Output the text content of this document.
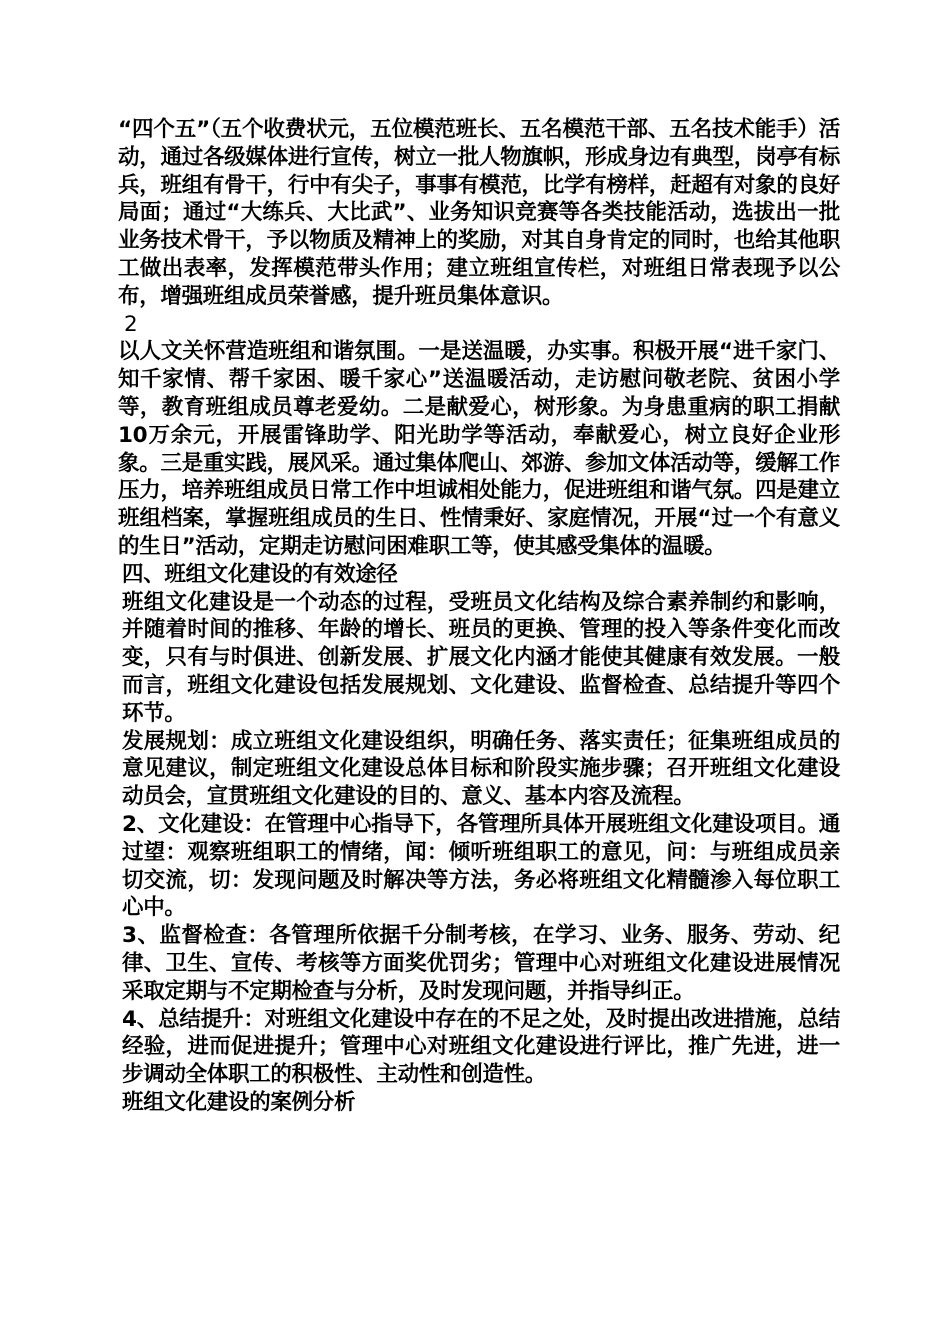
“四个五”（五个收费状元，五位模范班长、五名模范干部、五名技术能手）活动，通过各级媒体进行宣传，树立一批人物旗帜，形成身边有典型，岗亭有标兵，班组有骨干，行中有尖子，事事有模范，比学有榜样，赶超有对象的良好局面；通过“大练兵、大比武”、业务知识竞赛等各类技能活动，选拔出一批业务技术骨干，予以物质及精神上的奖励，对其自身肯定的同时，也给其他职工做出表率，发挥模范带头作用；建立班组宣传栏，对班组日常表现予以公布，增强班组成员荣誉感，提升班员集体意识。

2

以人文关怀营造班组和谐氛围。一是送温暖，办实事。积极开展“进千家门、知千家情、帮千家困、暖千家心”送温暖活动，走访慰问敬老院、贫困小学等，教育班组成员尊老爱幼。二是献爱心，树形象。为身患重病的职工捐献10万余元，开展雷锋助学、阳光助学等活动，奉献爱心，树立良好企业形象。三是重实践，展风采。通过集体爬山、郊游、参加文体活动等，缓解工作压力，培养班组成员日常工作中坦诚相处能力，促进班组和谐气氛。四是建立班组档案，掌握班组成员的生日、性情秉好、家庭情况，开展“过一个有意义的生日”活动，定期走访慰问困难职工等，使其感受集体的温暖。

四、班组文化建设的有效途径

班组文化建设是一个动态的过程，受班员文化结构及综合素养制约和影响，并随着时间的推移、年龄的增长、班员的更换、管理的投入等条件变化而改变，只有与时俱进、创新发展、扩展文化内涵才能使其健康有效发展。一般而言，班组文化建设包括发展规划、文化建设、监督检查、总结提升等四个环节。

发展规划：成立班组文化建设组织，明确任务、落实责任；征集班组成员的意见建议，制定班组文化建设总体目标和阶段实施步骤；召开班组文化建设动员会，宣贯班组文化建设的目的、意义、基本内容及流程。

2、文化建设：在管理中心指导下，各管理所具体开展班组文化建设项目。通过望：观察班组职工的情绪，闻：倾听班组职工的意见，问：与班组成员亲切交流，切：发现问题及时解决等方法，务必将班组文化精髓渗入每位职工心中。

3、监督检查：各管理所依据千分制考核，在学习、业务、服务、劳动、纪律、卫生、宣传、考核等方面奖优罚劣；管理中心对班组文化建设进展情况采取定期与不定期检查与分析，及时发现问题，并指导纠正。

4、总结提升：对班组文化建设中存在的不足之处，及时提出改进措施，总结经验，进而促进提升；管理中心对班组文化建设进行评比，推广先进，进一步调动全体职工的积极性、主动性和创造性。

班组文化建设的案例分析
